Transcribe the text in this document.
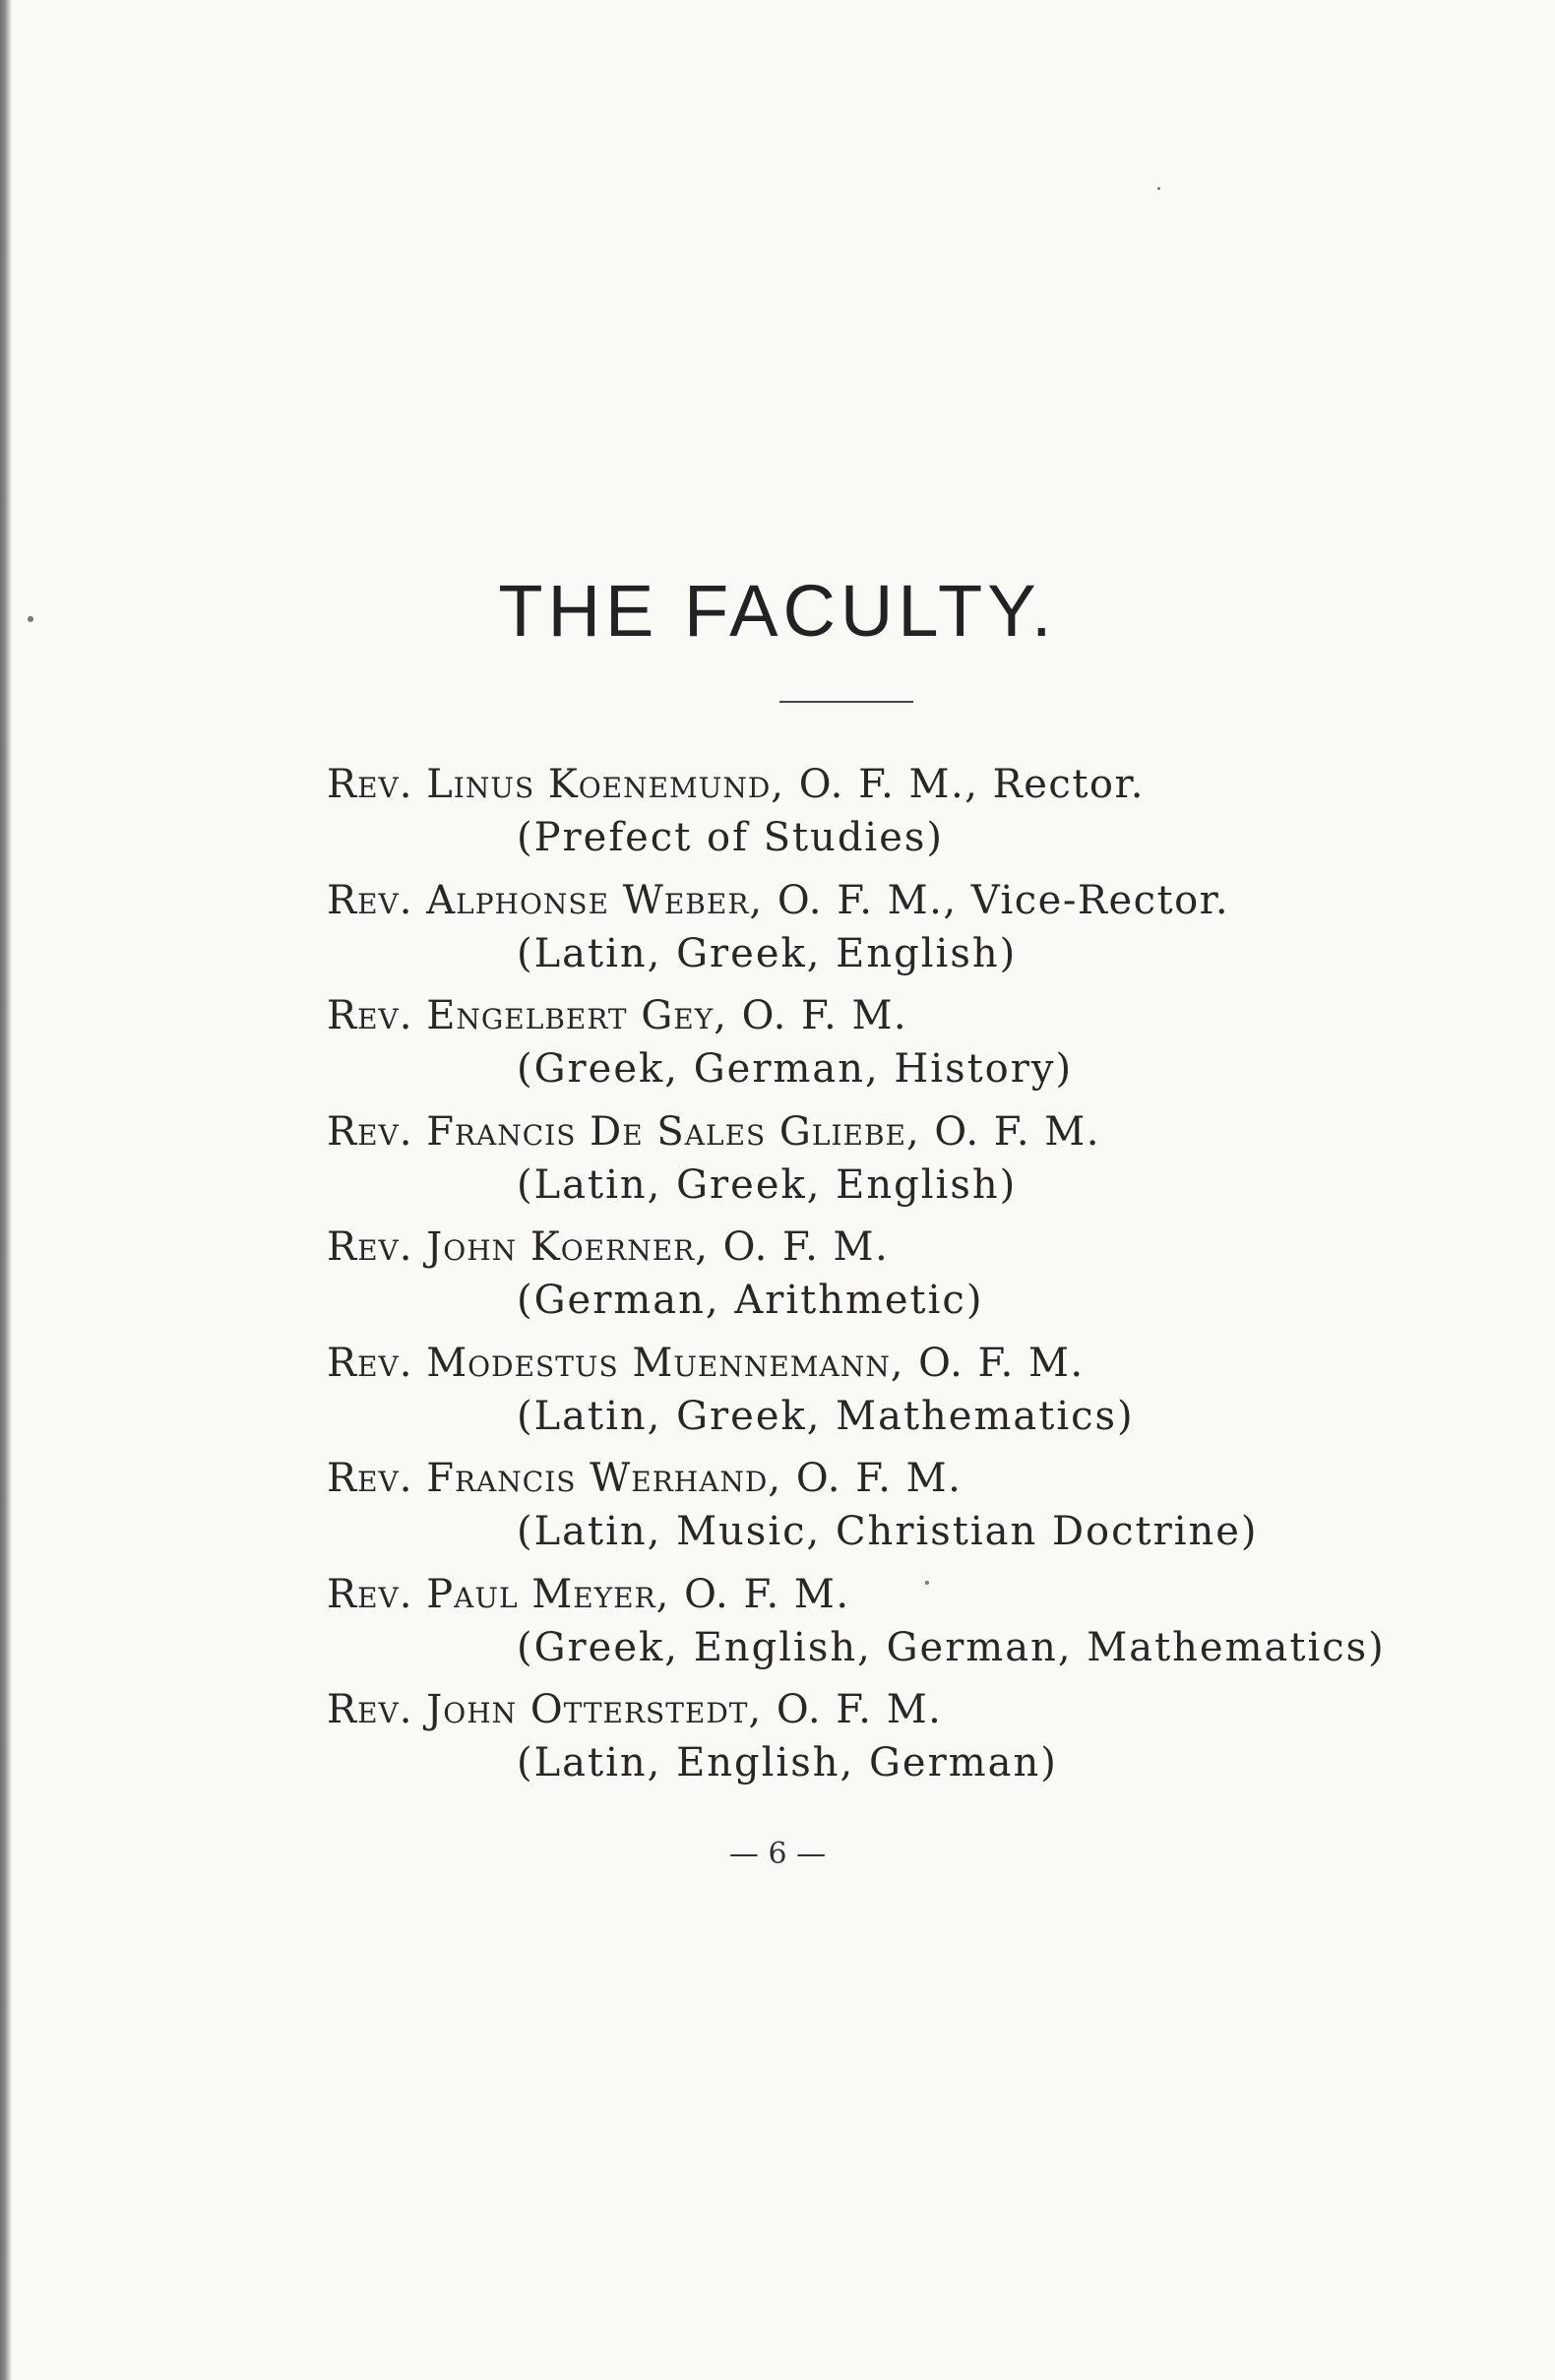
THE FACULTY.
Rev. Linus Koenemund, O. F. M., Rector.
(Prefect of Studies)
Rev. Alphonse Weber, O. F. M., Vice-Rector.
(Latin, Greek, English)
Rev. Engelbert Gey, O. F. M.
(Greek, German, History)
Rev. Francis De Sales Gliebe, O. F. M.
(Latin, Greek, English)
Rev. John Koerner, O. F. M.
(German, Arithmetic)
Rev. Modestus Muennemann, O. F. M.
(Latin, Greek, Mathematics)
Rev. Francis Werhand, O. F. M.
(Latin, Music, Christian Doctrine)
Rev. Paul Meyer, O. F. M.
(Greek, English, German, Mathematics)
Rev. John Otterstedt, O. F. M.
(Latin, English, German)
— 6 —
